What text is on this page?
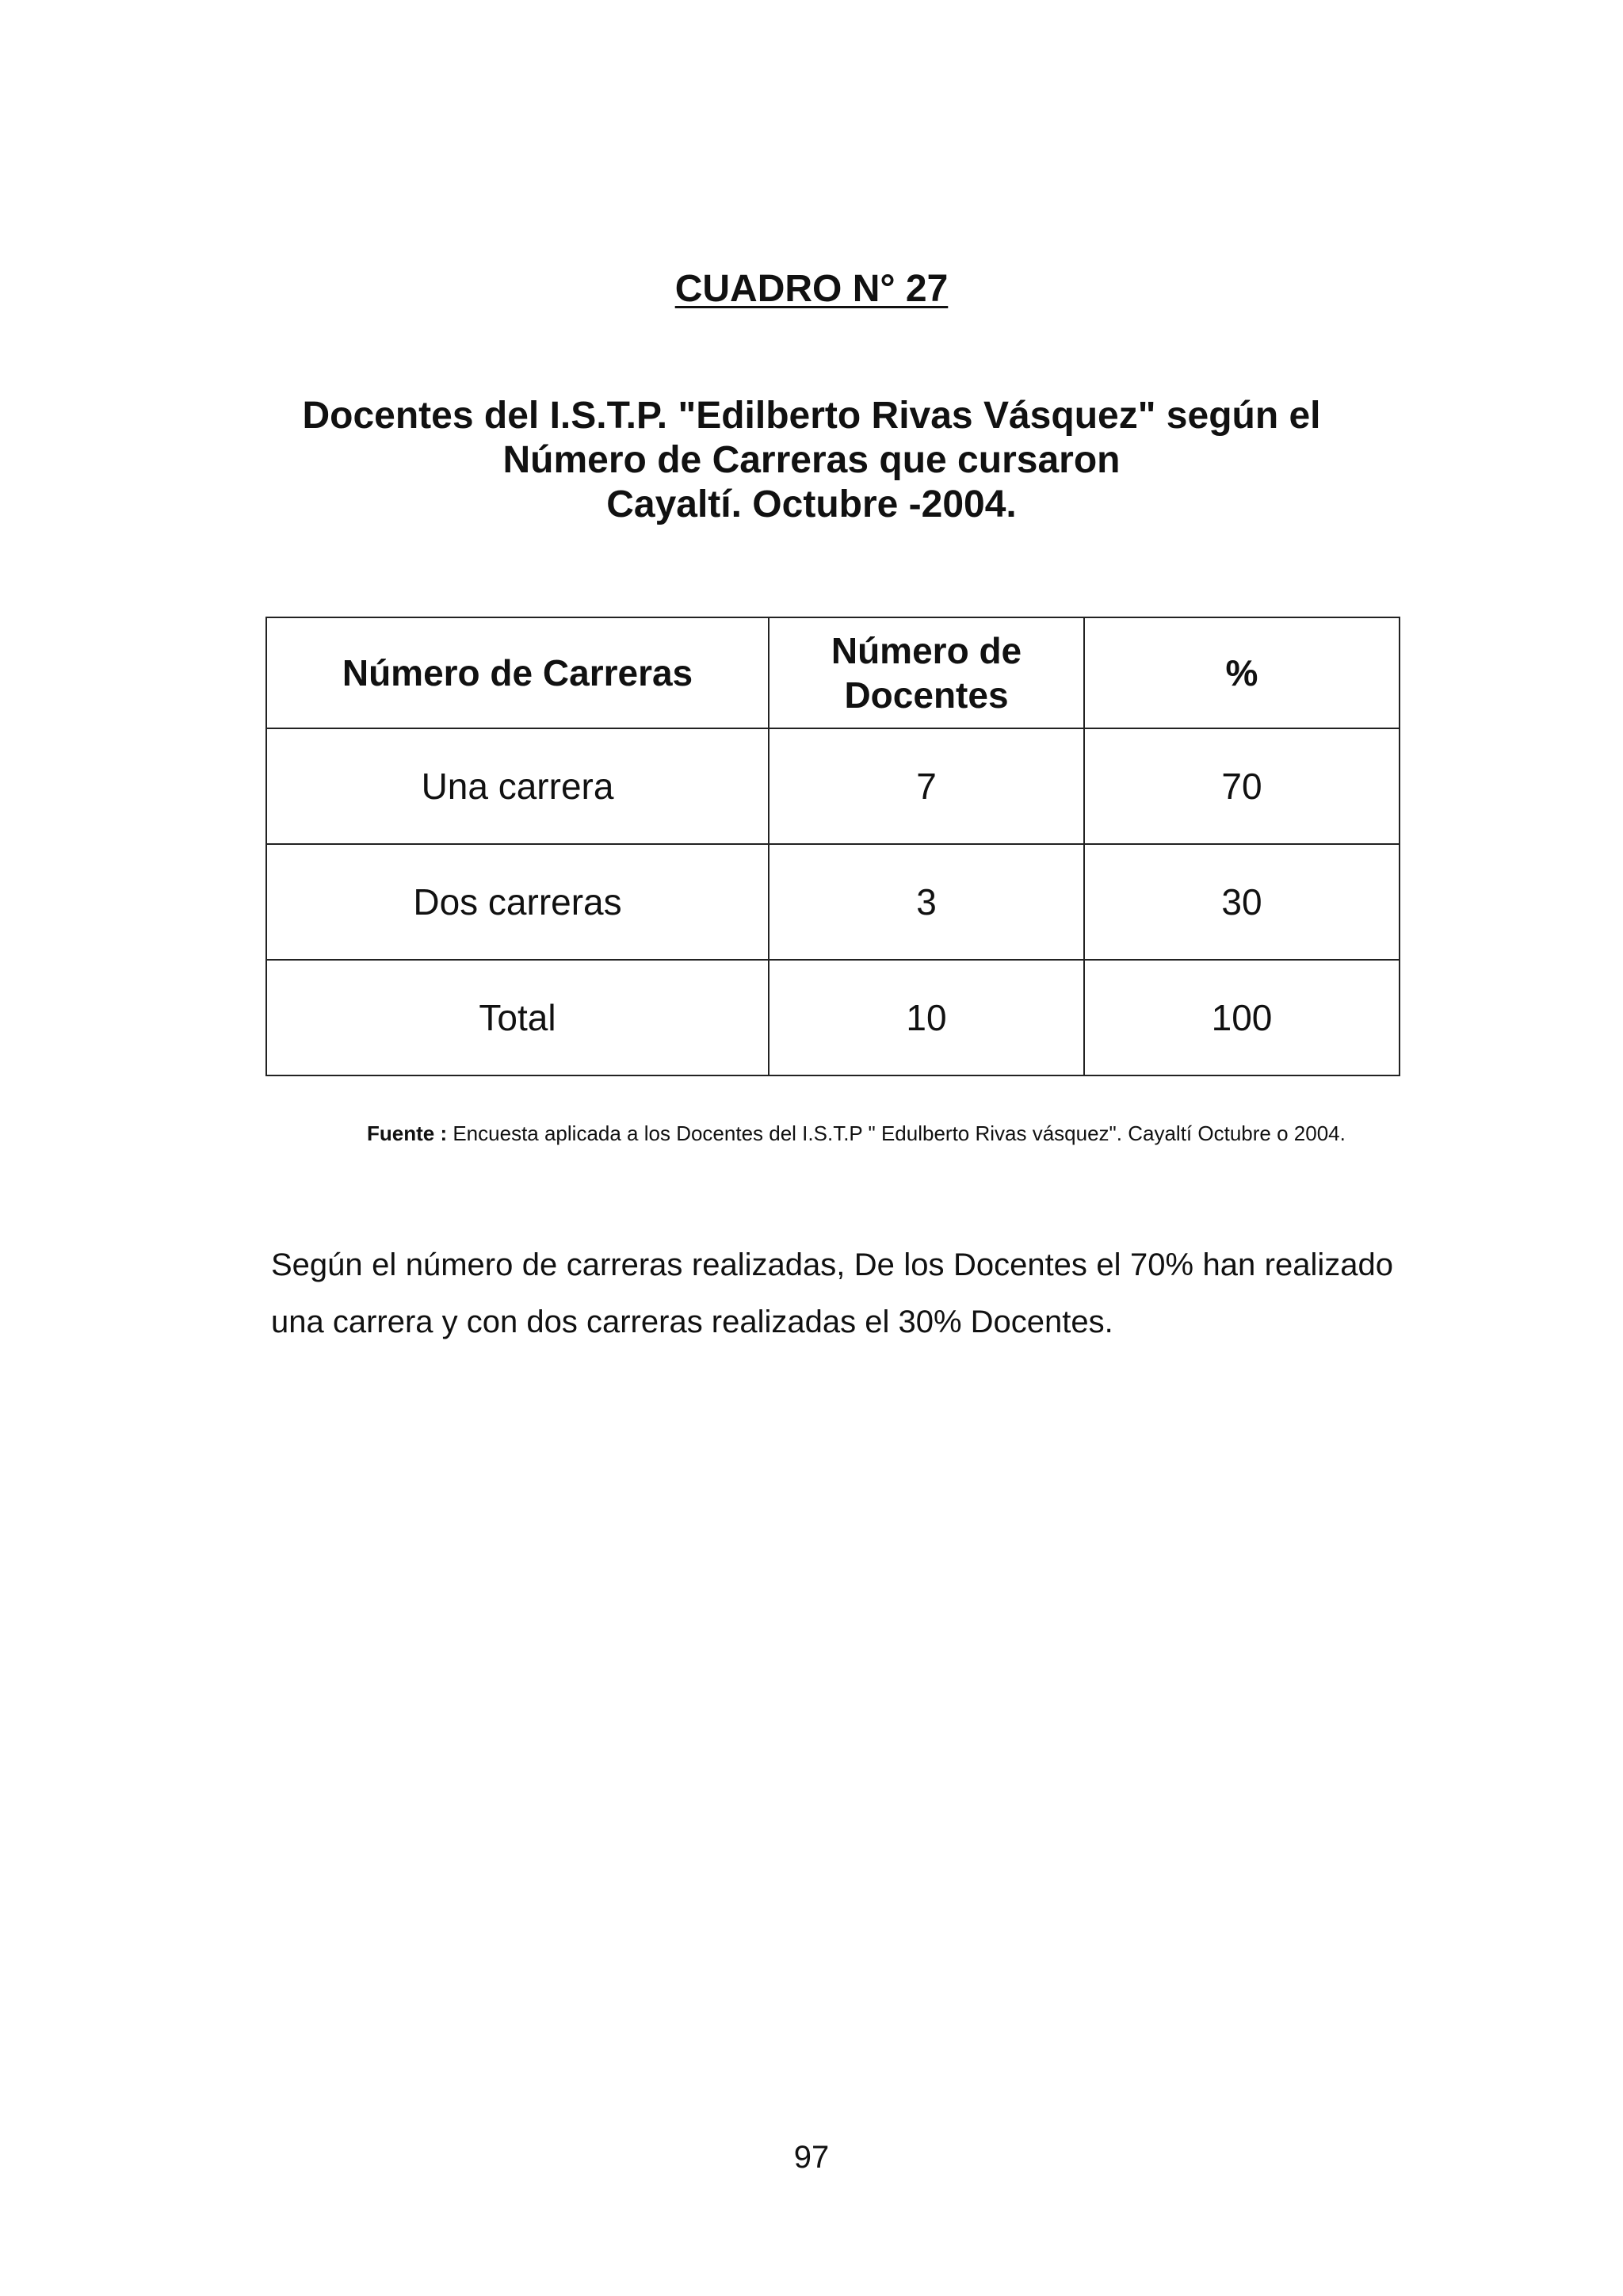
CUADRO N° 27
Docentes del I.S.T.P. "Edilberto Rivas Vásquez" según el
Número de Carreras que cursaron
Cayaltí. Octubre -2004.
Número de Carreras	Número de Docentes	%
Una carrera	7	70
Dos carreras	3	30
Total	10	100

Fuente : Encuesta aplicada a los Docentes del I.S.T.P " Edulberto Rivas vásquez". Cayaltí Octubre o 2004.

Según el número de carreras realizadas, De los Docentes el 70% han realizado una carrera y con dos carreras realizadas el 30% Docentes.

97
